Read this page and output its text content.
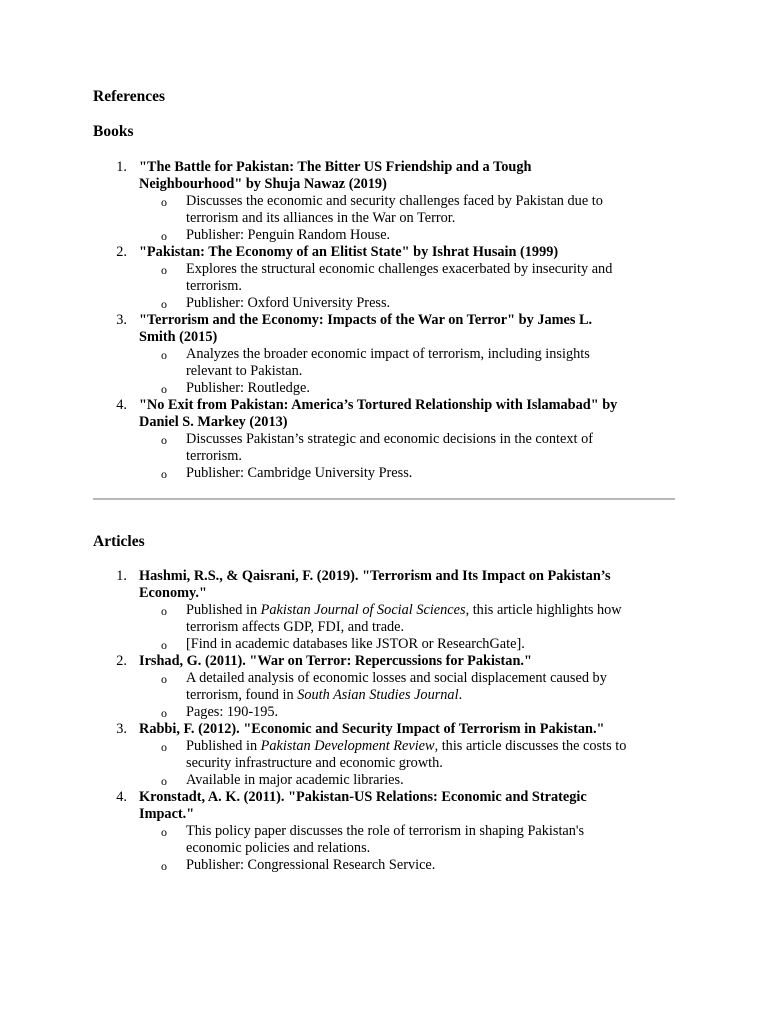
References
Books
1. "The Battle for Pakistan: The Bitter US Friendship and a Tough
Neighbourhood" by Shuja Nawaz (2019)
o Discusses the economic and security challenges faced by Pakistan due to
terrorism and its alliances in the War on Terror.
o Publisher: Penguin Random House.
2. "Pakistan: The Economy of an Elitist State" by Ishrat Husain (1999)
o Explores the structural economic challenges exacerbated by insecurity and
terrorism.
o Publisher: Oxford University Press.
3. "Terrorism and the Economy: Impacts of the War on Terror" by James L.
Smith (2015)
o Analyzes the broader economic impact of terrorism, including insights
relevant to Pakistan.
o Publisher: Routledge.
4. "No Exit from Pakistan: America’s Tortured Relationship with Islamabad" by
Daniel S. Markey (2013)
o Discusses Pakistan’s strategic and economic decisions in the context of
terrorism.
o Publisher: Cambridge University Press.
Articles
1. Hashmi, R.S., & Qaisrani, F. (2019). "Terrorism and Its Impact on Pakistan’s
Economy."
o Published in Pakistan Journal of Social Sciences, this article highlights how
terrorism affects GDP, FDI, and trade.
o [Find in academic databases like JSTOR or ResearchGate].
2. Irshad, G. (2011). "War on Terror: Repercussions for Pakistan."
o A detailed analysis of economic losses and social displacement caused by
terrorism, found in South Asian Studies Journal.
o Pages: 190-195.
3. Rabbi, F. (2012). "Economic and Security Impact of Terrorism in Pakistan."
o Published in Pakistan Development Review, this article discusses the costs to
security infrastructure and economic growth.
o Available in major academic libraries.
4. Kronstadt, A. K. (2011). "Pakistan-US Relations: Economic and Strategic
Impact."
o This policy paper discusses the role of terrorism in shaping Pakistan's
economic policies and relations.
o Publisher: Congressional Research Service.
